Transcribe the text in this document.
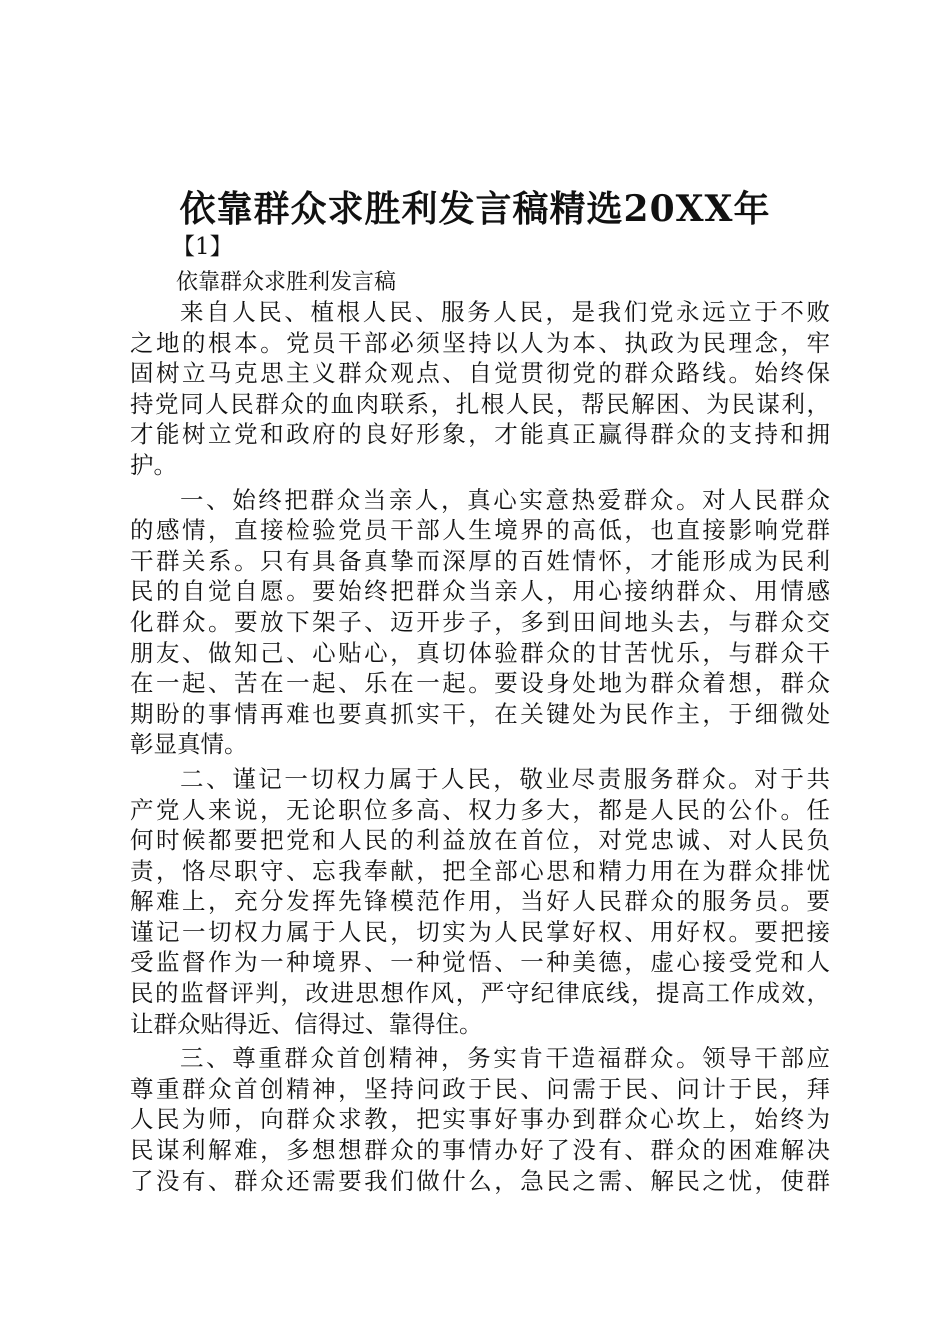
依靠群众求胜利发言稿精选20XX年
【1】
依靠群众求胜利发言稿
来自人民、植根人民、服务人民，是我们党永远立于不败
之地的根本。党员干部必须坚持以人为本、执政为民理念，牢
固树立马克思主义群众观点、自觉贯彻党的群众路线。始终保
持党同人民群众的血肉联系，扎根人民，帮民解困、为民谋利，
才能树立党和政府的良好形象，才能真正赢得群众的支持和拥
护。
一、始终把群众当亲人，真心实意热爱群众。对人民群众
的感情，直接检验党员干部人生境界的高低，也直接影响党群
干群关系。只有具备真挚而深厚的百姓情怀，才能形成为民利
民的自觉自愿。要始终把群众当亲人，用心接纳群众、用情感
化群众。要放下架子、迈开步子，多到田间地头去，与群众交
朋友、做知己、心贴心，真切体验群众的甘苦忧乐，与群众干
在一起、苦在一起、乐在一起。要设身处地为群众着想，群众
期盼的事情再难也要真抓实干，在关键处为民作主，于细微处
彰显真情。
二、谨记一切权力属于人民，敬业尽责服务群众。对于共
产党人来说，无论职位多高、权力多大，都是人民的公仆。任
何时候都要把党和人民的利益放在首位，对党忠诚、对人民负
责，恪尽职守、忘我奉献，把全部心思和精力用在为群众排忧
解难上，充分发挥先锋模范作用，当好人民群众的服务员。要
谨记一切权力属于人民，切实为人民掌好权、用好权。要把接
受监督作为一种境界、一种觉悟、一种美德，虚心接受党和人
民的监督评判，改进思想作风，严守纪律底线，提高工作成效，
让群众贴得近、信得过、靠得住。
三、尊重群众首创精神，务实肯干造福群众。领导干部应
尊重群众首创精神，坚持问政于民、问需于民、问计于民，拜
人民为师，向群众求教，把实事好事办到群众心坎上，始终为
民谋利解难，多想想群众的事情办好了没有、群众的困难解决
了没有、群众还需要我们做什么，急民之需、解民之忧，使群
